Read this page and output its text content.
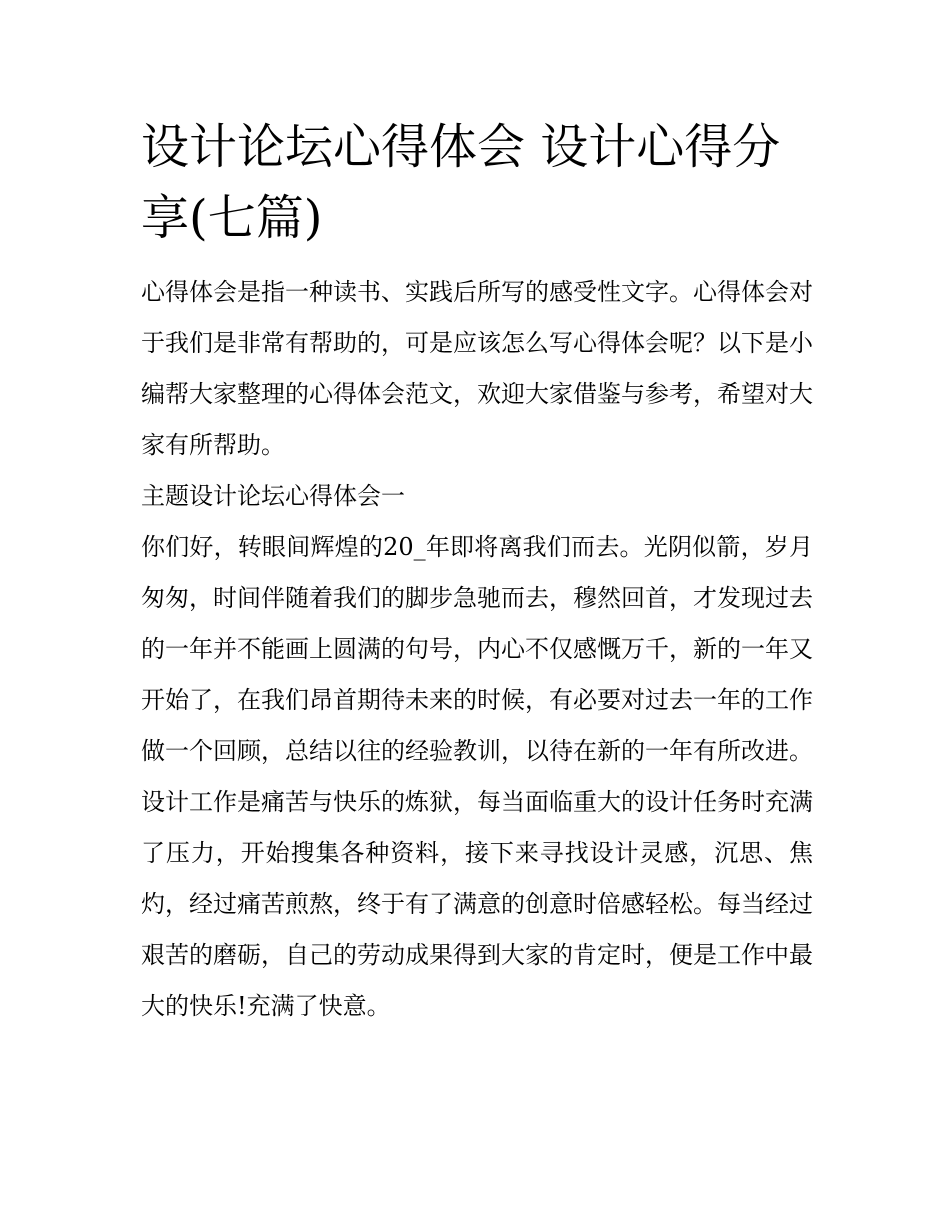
设计论坛心得体会 设计心得分享(七篇)

心得体会是指一种读书、实践后所写的感受性文字。心得体会对于我们是非常有帮助的，可是应该怎么写心得体会呢？以下是小编帮大家整理的心得体会范文，欢迎大家借鉴与参考，希望对大家有所帮助。

主题设计论坛心得体会一

你们好，转眼间辉煌的20_年即将离我们而去。光阴似箭，岁月匆匆，时间伴随着我们的脚步急驰而去，穆然回首，才发现过去的一年并不能画上圆满的句号，内心不仅感慨万千，新的一年又开始了，在我们昂首期待未来的时候，有必要对过去一年的工作做一个回顾，总结以往的经验教训，以待在新的一年有所改进。

设计工作是痛苦与快乐的炼狱，每当面临重大的设计任务时充满了压力，开始搜集各种资料，接下来寻找设计灵感，沉思、焦灼，经过痛苦煎熬，终于有了满意的创意时倍感轻松。每当经过艰苦的磨砺，自己的劳动成果得到大家的肯定时，便是工作中最大的快乐!充满了快意。
